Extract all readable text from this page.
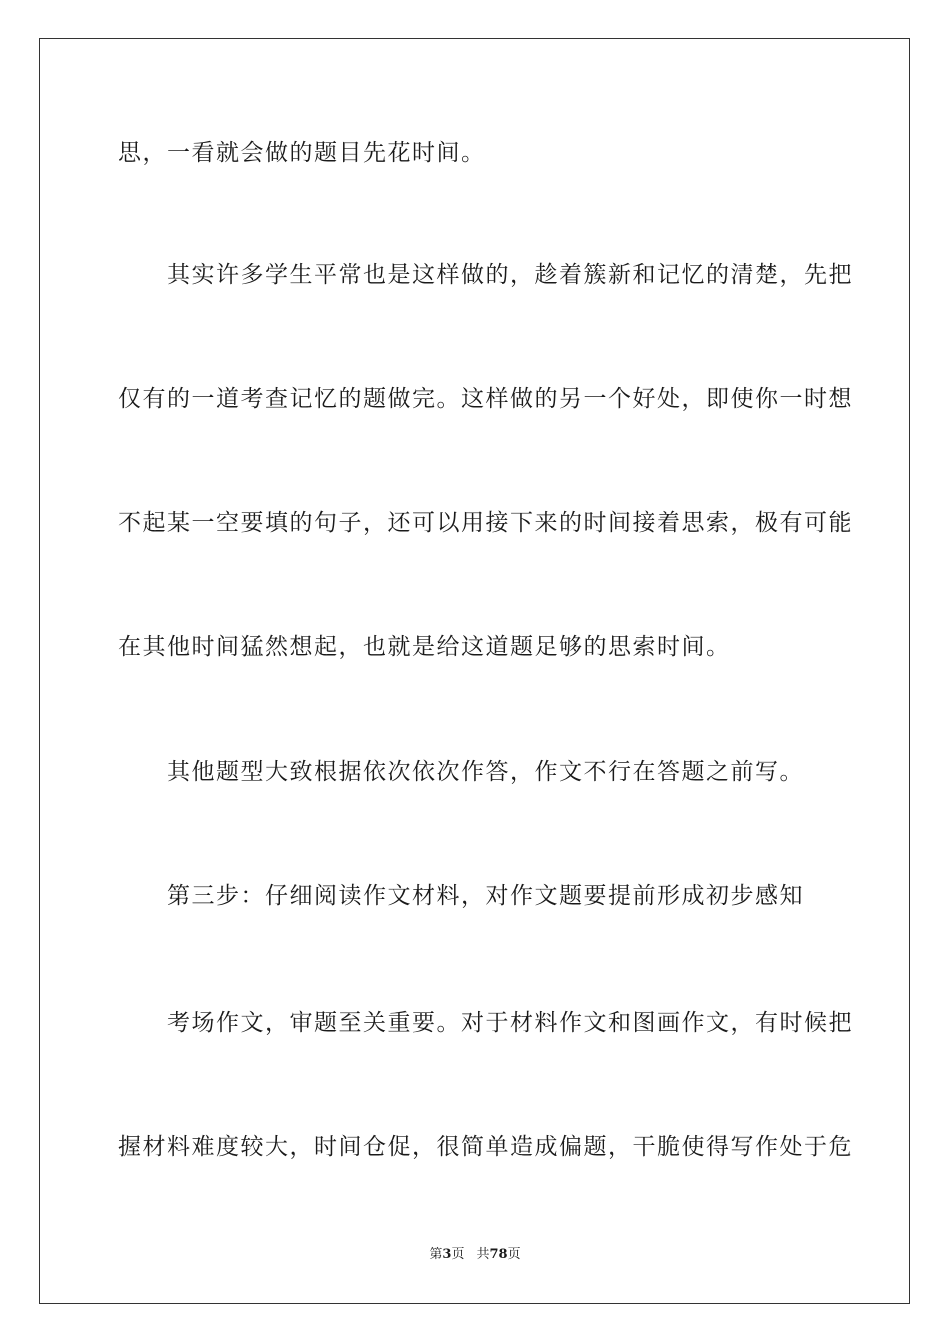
思，一看就会做的题目先花时间。
　　其实许多学生平常也是这样做的，趁着簇新和记忆的清楚，先把
仅有的一道考查记忆的题做完。这样做的另一个好处，即使你一时想
不起某一空要填的句子，还可以用接下来的时间接着思索，极有可能
在其他时间猛然想起，也就是给这道题足够的思索时间。
　　其他题型大致根据依次依次作答，作文不行在答题之前写。
　　第三步：仔细阅读作文材料，对作文题要提前形成初步感知
　　考场作文，审题至关重要。对于材料作文和图画作文，有时候把
握材料难度较大，时间仓促，很简单造成偏题，干脆使得写作处于危
第3页 共78页
